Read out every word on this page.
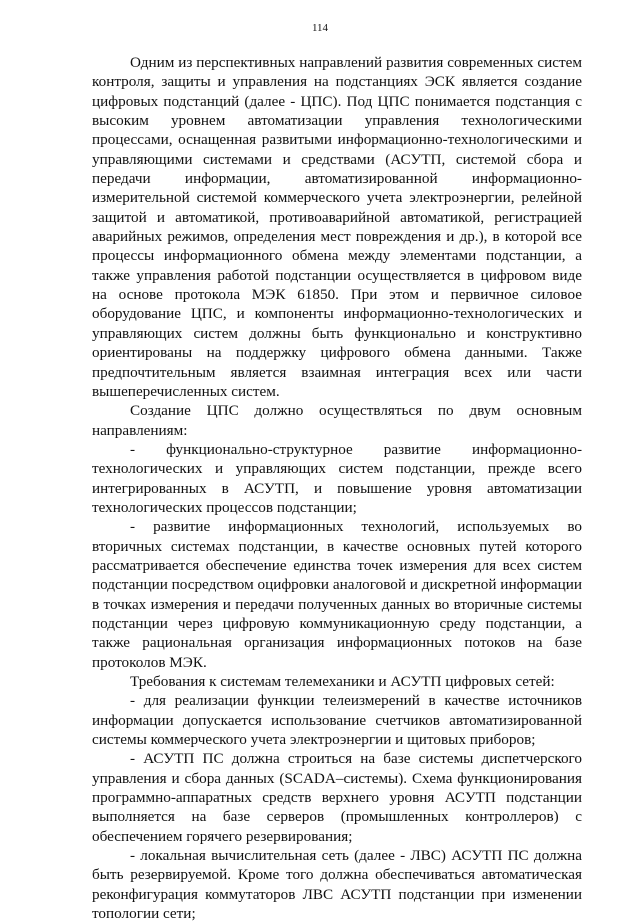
114

Одним из перспективных направлений развития современных систем контроля, защиты и управления на подстанциях ЭСК является создание цифровых подстанций (далее - ЦПС). Под ЦПС понимается подстанция с высоким уровнем автоматизации управления технологическими процессами, оснащенная развитыми информационно-технологическими и управляющими системами и средствами (АСУТП, системой сбора и передачи информации, автоматизированной информационно-измерительной системой коммерческого учета электроэнергии, релейной защитой и автоматикой, противоаварийной автоматикой, регистрацией аварийных режимов, определения мест повреждения и др.), в которой все процессы информационного обмена между элементами подстанции, а также управления работой подстанции осуществляется в цифровом виде на основе протокола МЭК 61850. При этом и первичное силовое оборудование ЦПС, и компоненты информационно-технологических и управляющих систем должны быть функционально и конструктивно ориентированы на поддержку цифрового обмена данными. Также предпочтительным является взаимная интеграция всех или части вышеперечисленных систем.

Создание ЦПС должно осуществляться по двум основным направлениям:

- функционально-структурное развитие информационно-технологических и управляющих систем подстанции, прежде всего интегрированных в АСУТП, и повышение уровня автоматизации технологических процессов подстанции;

- развитие информационных технологий, используемых во вторичных системах подстанции, в качестве основных путей которого рассматривается обеспечение единства точек измерения для всех систем подстанции посредством оцифровки аналоговой и дискретной информации в точках измерения и передачи полученных данных во вторичные системы подстанции через цифровую коммуникационную среду подстанции, а также рациональная организация информационных потоков на базе протоколов МЭК.

Требования к системам телемеханики и АСУТП цифровых сетей:

- для реализации функции телеизмерений в качестве источников информации допускается использование счетчиков автоматизированной системы коммерческого учета электроэнергии и щитовых приборов;

- АСУТП ПС должна строиться на базе системы диспетчерского управления и сбора данных (SCADA–системы). Схема функционирования программно-аппаратных средств верхнего уровня АСУТП подстанции выполняется на базе серверов (промышленных контроллеров) с обеспечением горячего резервирования;

- локальная вычислительная сеть (далее - ЛВС) АСУТП ПС должна быть резервируемой. Кроме того должна обеспечиваться автоматическая реконфигурация коммутаторов ЛВС АСУТП подстанции при изменении топологии сети;
